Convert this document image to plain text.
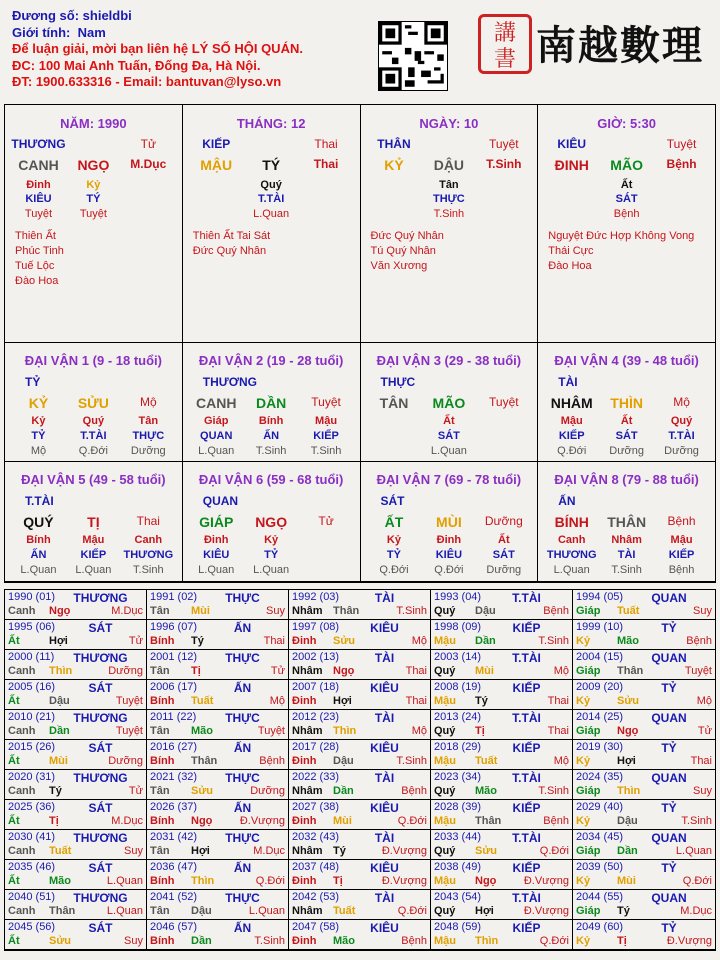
Đương số: shieldbi
Giới tính: Nam
Để luận giải, mời bạn liên hệ LÝ SỐ HỘI QUÁN.
ĐC: 100 Mai Anh Tuấn, Đống Đa, Hà Nội.
ĐT: 1900.633316 - Email: bantuvan@lyso.vn
講
書 南越數理
NĂM: 1990
THƯƠNG	Tử
CANH	NGỌ	M.Dục
Đinh	Kỷ
KIÊU	TÝ
Tuyệt	Tuyệt
Thiên Ất
Phúc Tinh
Tuế Lộc
Đào Hoa
THÁNG: 12
KIẾP	Thai
MẬU	TÝ	Thai
Quý
T.TÀI
L.Quan
Thiên Ất Tai Sát
Đức Quý Nhân
NGÀY: 10
THÂN	Tuyệt
KỶ	DẬU	T.Sinh
Tân
THỰC
T.Sinh
Đức Quý Nhân
Tú Quý Nhân
Văn Xương
GIỜ: 5:30
KIÊU	Tuyệt
ĐINH	MÃO	Bệnh
Ất
SÁT
Bệnh
Nguyệt Đức Hợp Không Vong
Thái Cực
Đào Hoa
ĐẠI VẬN 1 (9 - 18 tuổi)
TỶ
KỶ	SỬU	Mộ
Kỷ	Quý	Tân
TỶ	T.TÀI	THỰC
Mộ	Q.Đới	Dưỡng
ĐẠI VẬN 2 (19 - 28 tuổi)
THƯƠNG
CANH	DẦN	Tuyệt
Giáp	Bính	Mậu
QUAN	ẤN	KIẾP
L.Quan	T.Sinh	T.Sinh
ĐẠI VẬN 3 (29 - 38 tuổi)
THỰC
TÂN	MÃO	Tuyệt
Ất
SÁT
L.Quan
ĐẠI VẬN 4 (39 - 48 tuổi)
TÀI
NHÂM	THÌN	Mộ
Mậu	Ất	Quý
KIẾP	SÁT	T.TÀI
Q.Đới	Dưỡng	Dưỡng
ĐẠI VẬN 5 (49 - 58 tuổi)
T.TÀI
QUÝ	TỊ	Thai
Bính	Mậu	Canh
ẤN	KIẾP	THƯƠNG
L.Quan	L.Quan	T.Sinh
ĐẠI VẬN 6 (59 - 68 tuổi)
QUAN
GIÁP	NGỌ	Tử
Đinh	Kỷ
KIÊU	TỶ
L.Quan	L.Quan
ĐẠI VẬN 7 (69 - 78 tuổi)
SÁT
ẤT	MÙI	Dưỡng
Kỷ	Đinh	Ất
TỶ	KIÊU	SÁT
Q.Đới	Q.Đới	Dưỡng
ĐẠI VẬN 8 (79 - 88 tuổi)
ẤN
BÍNH	THÂN	Bệnh
Canh	Nhâm	Mậu
THƯƠNG	TÀI	KIẾP
L.Quan	T.Sinh	Bệnh
1990 (01)	THƯƠNG
Canh Ngọ	M.Dục
1991 (02)	THỰC
Tân Mùi	Suy
1992 (03)	TÀI
Nhâm Thân	T.Sinh
1993 (04)	T.TÀI
Quý Dậu	Bệnh
1994 (05)	QUAN
Giáp Tuất	Suy
1995 (06)	SÁT
Ất	Hợi	Tử
1996 (07)	ẤN
Bính Tý	Thai
1997 (08)	KIÊU
Đinh Sửu	Mộ
1998 (09)	KIẾP
Mậu Dần	T.Sinh
1999 (10)	TỶ
Kỷ Mão	Bệnh
2000 (11)	THƯƠNG
Canh Thìn	Dưỡng
2001 (12)	THỰC
Tân Tị	Tử
2002 (13)	TÀI
Nhâm Ngọ	Thai
2003 (14)	T.TÀI
Quý Mùi	Mộ
2004 (15)	QUAN
Giáp Thân	Tuyệt
2005 (16)	SÁT
Ất	Dậu	Tuyệt
2006 (17)	ẤN
Bính Tuất	Mộ
2007 (18)	KIÊU
Đinh Hợi	Thai
2008 (19)	KIẾP
Mậu Tý	Thai
2009 (20)	TỶ
Kỷ Sửu	Mộ
2010 (21)	THƯƠNG
Canh Dần	Tuyệt
2011 (22)	THỰC
Tân Mão	Tuyệt
2012 (23)	TÀI
Nhâm Thìn	Mộ
2013 (24)	T.TÀI
Quý Tị	Thai
2014 (25)	QUAN
Giáp Ngọ	Tử
2015 (26)	SÁT
Ất	Mùi	Dưỡng
2016 (27)	ẤN
Bính Thân	Bệnh
2017 (28)	KIÊU
Đinh Dậu	T.Sinh
2018 (29)	KIẾP
Mậu Tuất	Mộ
2019 (30)	TỶ
Kỷ Hợi	Thai
2020 (31)	THƯƠNG
Canh Tý	Tử
2021 (32)	THỰC
Tân Sửu	Dưỡng
2022 (33)	TÀI
Nhâm Dần	Bệnh
2023 (34)	T.TÀI
Quý Mão	T.Sinh
2024 (35)	QUAN
Giáp Thìn	Suy
2025 (36)	SÁT
Ất	Tị	M.Dục
2026 (37)	ẤN
Bính Ngọ Đ.Vượng
2027 (38)	KIÊU
Đinh Mùi	Q.Đới
2028 (39)	KIẾP
Mậu Thân	Bệnh
2029 (40)	TỶ
Kỷ Dậu	T.Sinh
2030 (41)	THƯƠNG
Canh Tuất	Suy
2031 (42)	THỰC
Tân Hợi	M.Dục
2032 (43)	TÀI
Nhâm Tý	Đ.Vượng
2033 (44)	T.TÀI
Quý Sửu	Q.Đới
2034 (45)	QUAN
Giáp Dần	L.Quan
2035 (46)	SÁT
Ất	Mão	L.Quan
2036 (47)	ẤN
Bính Thìn	Q.Đới
2037 (48)	KIÊU
Đinh Tị	Đ.Vượng
2038 (49)	KIẾP
Mậu Ngọ Đ.Vượng
2039 (50)	TỶ
Kỷ Mùi	Q.Đới
2040 (51)	THƯƠNG
Canh Thân	L.Quan
2041 (52)	THỰC
Tân Dậu	L.Quan
2042 (53)	TÀI
Nhâm Tuất	Q.Đới
2043 (54)	T.TÀI
Quý Hợi	Đ.Vượng
2044 (55)	QUAN
Giáp Tý	M.Dục
2045 (56)	SÁT
Ất	Sửu	Suy
2046 (57)	ẤN
Bính Dần	T.Sinh
2047 (58)	KIÊU
Đinh Mão	Bệnh
2048 (59)	KIẾP
Mậu Thìn	Q.Đới
2049 (60)	TỶ
Kỷ Tị	Đ.Vượng
